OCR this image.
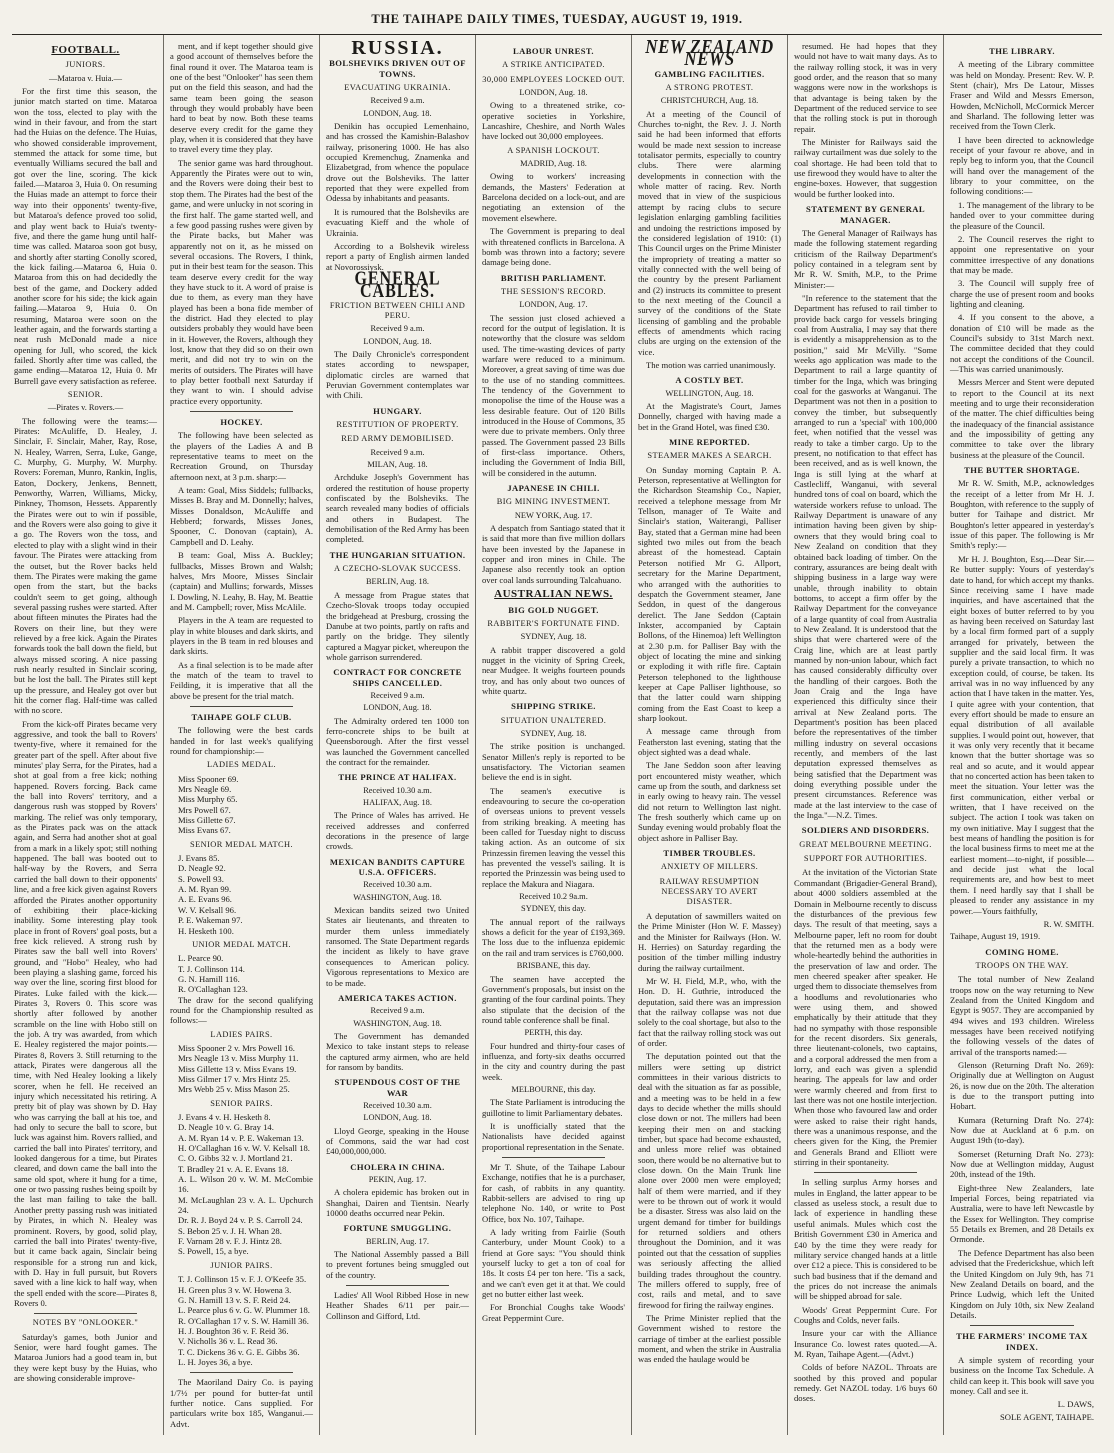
THE TAIHAPE DAILY TIMES, TUESDAY, AUGUST 19, 1919.
FOOTBALL.
JUNIORS.
—Mataroa v. Huia.—

For the first time this season, the junior match started on time. Mataroa won the toss, elected to play with the wind in their favour, and from the start had the Huias on the defence. The Huias, who showed considerable improvement, stemmed the attack for some time, but eventually Williams secured the ball and got over the line, scoring. The kick failed.—Mataroa 3, Huia 0. On resuming the Huias made an attempt to force their way into their opponents' twenty-five, but Mataroa's defence proved too solid, and play went back to Huia's twenty-five, and there the game hung until half-time was called. Mataroa soon got busy, and shortly after starting Conolly scored, the kick failing.—Mataroa 6, Huia 0. Mataroa from this on had decidedly the best of the game, and Dockery added another score for his side; the kick again failing.—Mataroa 9, Huia 0. On resuming, Mataroa were soon on the leather again, and the forwards starting a neat rush McDonald made a nice opening for Jull, who scored, the kick failed. Shortly after time was called, the game ending—Mataroa 12, Huia 0. Mr Burrell gave every satisfaction as referee.

SENIOR.
—Pirates v. Rovers.—

The following were the teams:—Pirates: McAuliffe, D. Healey, J. Sinclair, F. Sinclair, Maher, Ray, Rose, N. Healey, Warren, Serra, Luke, Gange, C. Murphy, G. Murphy, W. Murphy. Rovers: Foreman, Munro, Rankin, Inglis, Eaton, Dockery, Jenkens, Bennett, Penworthy, Warren, Williams, Micky, Pinkney, Thomson, Hessets. Apparently the Pirates were out to win if possible, and the Rovers were also going to give it a go. The Rovers won the toss, and elected to play with a slight wind in their favour. The Pirates were attacking from the outset, but the Rover backs held them. The Pirates were making the game open from the start, but the backs couldn't seem to get going, although several passing rushes were started. After about fifteen minutes the Pirates had the Rovers on their line, but they were relieved by a free kick. Again the Pirates forwards took the ball down the field, but always missed scoring. A nice passing rush nearly resulted in Sinclair scoring, but he lost the ball. The Pirates still kept up the pressure, and Healey got over but hit the corner flag. Half-time was called with no score.

From the kick-off Pirates became very aggressive, and took the ball to Rovers' twenty-five, where it remained for the greater part of the spell. After about five minutes' play Serra, for the Pirates, had a shot at goal from a free kick; nothing happened. Rovers forcing. Back came the ball into Rovers' territory, and a dangerous rush was stopped by Rovers' marking. The relief was only temporary, as the Pirates pack was on the attack again, and Serra had another shot at goal from a mark in a likely spot; still nothing happened. The ball was booted out to half-way by the Rovers, and Serra carried the ball down to their opponents' line, and a free kick given against Rovers afforded the Pirates another opportunity of exhibiting their place-kicking inability. Some interesting play took place in front of Rovers' goal posts, but a free kick relieved. A strong rush by Pirates saw the ball well into Rovers' ground, and "Hobo" Healey, who had been playing a slashing game, forced his way over the line, scoring first blood for Pirates. Luke failed with the kick.—Pirates 3, Rovers 0. This score was shortly after followed by another scramble on the line with Hobo still on the job. A try was awarded, from which E. Healey registered the major points.—Pirates 8, Rovers 3. Still returning to the attack, Pirates were dangerous all the time, with Ned Healey looking a likely scorer, when he fell. He received an injury which necessitated his retiring. A pretty bit of play was shown by D. Hay who was carrying the ball at his toe, and had only to secure the ball to score, but luck was against him. Rovers rallied, and carried the ball into Pirates' territory, and looked dangerous for a time, but Pirates cleared, and down came the ball into the same old spot, where it hung for a time, one or two passing rushes being spoilt by the last man failing to take the ball. Another pretty passing rush was initiated by Pirates, in which N. Healey was prominent. Rovers, by good, solid play, carried the ball into Pirates' twenty-five, but it came back again, Sinclair being responsible for a strong run and kick, with D. Hay in full pursuit, but Rovers saved with a line kick to half way, when the spell ended with the score—Pirates 8, Rovers 0.

NOTES BY "ONLOOKER."

Saturday's games, both Junior and Senior, were hard fought games. The Mataroa Juniors had a good team in, but they were kept busy by the Huias, who are showing considerable improve-

ment, and if kept together should give a good account of themselves before the final round it over. The Mataroa team is one of the best "Onlooker" has seen them put on the field this season, and had the same team been going the season through they would probably have been hard to beat by now. Both these teams deserve every credit for the game they play, when it is considered that they have to travel every time they play.

The senior game was hard throughout. Apparently the Pirates were out to win, and the Rovers were doing their best to stop them. The Pirates had the best of the game, and were unlucky in not scoring in the first half. The game started well, and a few good passing rushes were given by the Pirate backs, but Maher was apparently not on it, as he missed on several occasions. The Rovers, I think, put in their best team for the season. This team deserve every credit for the way they have stuck to it. A word of praise is due to them, as every man they have played has been a bona fide member of the district. Had they elected to play outsiders probably they would have been in it. However, the Rovers, although they lost, know that they did so on their own merit, and did not try to win on the merits of outsiders. The Pirates will have to play better football next Saturday if they want to win. I should advise practice every opportunity.

HOCKEY.

The following have been selected as the players of the Ladies A and B representative teams to meet on the Recreation Ground, on Thursday afternoon next, at 3 p.m. sharp:—

A team: Goal, Miss Siddels; fullbacks, Misses B. Bray and M. Donnelly; halves, Misses Donaldson, McAuliffe and Hebberd; forwards, Misses Jones, Spooner, C. Donovan (captain), A. Campbell and D. Leahy.

B team: Goal, Miss A. Buckley; fullbacks, Misses Brown and Walsh; halves, Mrs Moore, Misses Sinclair (captain) and Mullins; forwards, Misses I. Dowling, N. Leahy, B. Hay, M. Beattie and M. Campbell; rover, Miss McAlile.

Players in the A team are requested to play in white blouses and dark skirts, and players in the B team in red blouses and dark skirts.

As a final selection is to be made after the match of the team to travel to Feilding, it is imperative that all the above be present for the trial match.

TAIHAPE GOLF CLUB.

The following were the best cards handed in for last week's qualifying round for championship:—

LADIES MEDAL.
Miss Spooner 69.
Mrs Neagle 69.
Miss Murphy 65.
Mrs Powell 67.
Miss Gillette 67.
Miss Evans 67.
SENIOR MEDAL MATCH.
J. Evans 85.
D. Neagle 92.
S. Powell 93.
A. M. Ryan 99.
A. E. Evans 96.
W. V. Kelsall 96.
P. E. Wakeman 97.
H. Hesketh 100.
UNIOR MEDAL MATCH.
L. Pearce 90.
T. J. Collinson 114.
G. N. Hamill 116.
R. O'Callaghan 123.

The draw for the second qualifying round for the Championship resulted as follows:—

LADIES PAIRS.
Miss Spooner 2 v. Mrs Powell 16.
Mrs Neagle 13 v. Miss Murphy 11.
Miss Gillette 13 v. Miss Evans 19.
Miss Gilmer 17 v. Mrs Hintz 25.
Mrs Webb 25 v. Miss Mason 25.
SENIOR PAIRS.
J. Evans 4 v. H. Hesketh 8.
D. Neagle 10 v. G. Bray 14.
A. M. Ryan 14 v. P. E. Wakeman 13.
H. O'Callaghan 16 v. W. V. Kelsall 18.
C. O. Gibbs 32 v. J. Mortland 21.
T. Bradley 21 v. A. E. Evans 18.
A. L. Wilson 20 v. W. M. McCombie 16.
M. McLaughlan 23 v. A. L. Upchurch 24.
Dr. R. J. Boyd 24 v. P. S. Carroll 24.
S. Bebon 25 v. J. H. Whan 28.
F. Varnam 28 v. F. J. Hintz 28.
S. Powell, 15, a bye.
JUNIOR PAIRS.
T. J. Collinson 15 v. F. J. O'Keefe 35.
H. Green plus 3 v. W. Howena 3.
G. N. Hamill 13 v. S. F. Reid 24.
L. Pearce plus 6 v. G. W. Plummer 18.
R. O'Callaghan 17 v. S. W. Hamill 36.
H. J. Boughton 36 v. F. Reid 36.
V. Nicholls 36 v. L. Read 36.
T. C. Dickens 36 v. G. E. Gibbs 36.
L. H. Joyes 36, a bye.

The Maoriland Dairy Co. is paying 1/7½ per pound for butter-fat until further notice. Cans supplied. For particulars write box 185, Wanganui.—Advt.

RUSSIA.
BOLSHEVIKS DRIVEN OUT OF TOWNS.
EVACUATING UKRAINIA.
Received 9 a.m.
LONDON, Aug. 18.

Denikin has occupied Lemenhaino, and has crossed the Kamishin-Balashov railway, prisonering 1000. He has also occupied Kremenchug, Znamenka and Elizabetgrad, from whence the populace drove out the Bolsheviks. The latter reported that they were expelled from Odessa by inhabitants and peasants.

It is rumoured that the Bolsheviks are evacuating Kieff and the whole of Ukrainia.

According to a Bolshevik wireless report a party of English airmen landed at Novorossiysk.

GENERAL CABLES.
FRICTION BETWEEN CHILI AND PERU.
Received 9 a.m.
LONDON, Aug. 18.

The Daily Chronicle's correspondent states according to newspaper, diplomatic circles are warned that Peruvian Government contemplates war with Chili.

HUNGARY.
RESTITUTION OF PROPERTY.
RED ARMY DEMOBILISED.
Received 9 a.m.
MILAN, Aug. 18.

Archduke Joseph's Government has ordered the restitution of house property confiscated by the Bolsheviks. The search revealed many bodies of officials and others in Budapest. The demobilisation of the Red Army has been completed.

THE HUNGARIAN SITUATION.
A CZECHO-SLOVAK SUCCESS.
BERLIN, Aug. 18.

A message from Prague states that Czecho-Slovak troops today occupied the bridgehead at Presburg, crossing the Danube at two points, partly on rafts and partly on the bridge. They silently captured a Magyar picket, whereupon the whole garrison surrendered.

CONTRACT FOR CONCRETE SHIPS CANCELLED.
Received 9 a.m.
LONDON, Aug. 18.

The Admiralty ordered ten 1000 ton ferro-concrete ships to be built at Queensborough. After the first vessel was launched the Government cancelled the contract for the remainder.

THE PRINCE AT HALIFAX.
Received 10.30 a.m.
HALIFAX, Aug. 18.

The Prince of Wales has arrived. He received addresses and conferred decorations in the presence of large crowds.

MEXICAN BANDITS CAPTURE U.S.A. OFFICERS.
Received 10.30 a.m.
WASHINGTON, Aug. 18.

Mexican bandits seized two United States air lieutenants, and threaten to murder them unless immediately ransomed. The State Department regards the incident as likely to have grave consequences to American policy. Vigorous representations to Mexico are to be made.

AMERICA TAKES ACTION.
Received 9 a.m.
WASHINGTON, Aug. 18.

The Government has demanded Mexico to take instant steps to release the captured army airmen, who are held for ransom by bandits.

STUPENDOUS COST OF THE WAR
Received 10.30 a.m.
LONDON, Aug. 18.

Lloyd George, speaking in the House of Commons, said the war had cost £40,000,000,000.

CHOLERA IN CHINA.
PEKIN, Aug. 17.

A cholera epidemic has broken out in Shanghai, Dairen and Tientsin. Nearly 10000 deaths occurred near Pekin.

FORTUNE SMUGGLING.
BERLIN, Aug. 17.

The National Assembly passed a Bill to prevent fortunes being smuggled out of the country.

Ladies' All Wool Ribbed Hose in new Heather Shades 6/11 per pair.—Collinson and Gifford, Ltd.

LABOUR UNREST.
A STRIKE ANTICIPATED.
30,000 EMPLOYEES LOCKED OUT.
LONDON, Aug. 18.

Owing to a threatened strike, co-operative societies in Yorkshire, Lancashire, Cheshire, and North Wales have locked out 30,000 employees.

A SPANISH LOCKOUT.
MADRID, Aug. 18.

Owing to workers' increasing demands, the Masters' Federation at Barcelona decided on a lock-out, and are negotiating an extension of the movement elsewhere.

The Government is preparing to deal with threatened conflicts in Barcelona. A bomb was thrown into a factory; severe damage being done.

BRITISH PARLIAMENT.
THE SESSION'S RECORD.
LONDON, Aug. 17.

The session just closed achieved a record for the output of legislation. It is noteworthy that the closure was seldom used. The time-wasting devices of party warfare were reduced to a minimum. Moreover, a great saving of time was due to the use of no standing committees. The tendency of the Government to monopolise the time of the House was a less desirable feature. Out of 120 Bills introduced in the House of Commons, 35 were due to private members. Only three passed. The Government passed 23 Bills of first-class importance. Others, including the Government of India Bill, will be considered in the autumn.

JAPANESE IN CHILI.
BIG MINING INVESTMENT.
NEW YORK, Aug. 17.

A despatch from Santiago stated that it is said that more than five million dollars have been invested by the Japanese in copper and iron mines in Chile. The Japanese also recently took an option over coal lands surrounding Talcahuano.

AUSTRALIAN NEWS.
BIG GOLD NUGGET.
RABBITER'S FORTUNATE FIND.
SYDNEY, Aug. 18.

A rabbit trapper discovered a gold nugget in the vicinity of Spring Creek, near Mudgee. It weighs fourteen pounds troy, and has only about two ounces of white quartz.

SHIPPING STRIKE.
SITUATION UNALTERED.
SYDNEY, Aug. 18.

The strike position is unchanged. Senator Millen's reply is reported to be unsatisfactory. The Victorian seamen believe the end is in sight.

The seamen's executive is endeavouring to secure the co-operation of overseas unions to prevent vessels from striking breaking. A meeting has been called for Tuesday night to discuss taking action. As an outcome of six Prinzessin firemen leaving the vessel this has prevented the vessel's sailing. It is reported the Prinzessin was being used to replace the Makura and Niagara.

Received 10.2 9a.m.
SYDNEY, this day.

The annual report of the railways shows a deficit for the year of £193,369. The loss due to the influenza epidemic on the rail and tram services is £760,000.

BRISBANE, this day.

The seamen have accepted the Government's proposals, but insist on the granting of the four cardinal points. They also stipulate that the decision of the round table conference shall be final.

PERTH, this day.

Four hundred and thirty-four cases of influenza, and forty-six deaths occurred in the city and country during the past week.

MELBOURNE, this day.

The State Parliament is introducing the guillotine to limit Parliamentary debates.

It is unofficially stated that the Nationalists have decided against proportional representation in the Senate.

Mr T. Shute, of the Taihape Labour Exchange, notifies that he is a purchaser, for cash, of rabbits in any quantity. Rabbit-sellers are advised to ring up telephone No. 140, or write to Post Office, box No. 107, Taihape.

A lady writing from Fairlie (South Canterbury, under Mount Cook) to a friend at Gore says: "You should think yourself lucky to get a ton of coal for 18s. It costs £4 per ton here. 'Tis a sack, and we can't even get it at that. We could get no butter either last week.

For Bronchial Coughs take Woods' Great Peppermint Cure.

NEW ZEALAND NEWS
GAMBLING FACILITIES.
A STRONG PROTEST.
CHRISTCHURCH, Aug. 18.

At a meeting of the Council of Churches to-night, the Rev. J. J. North said he had been informed that efforts would be made next session to increase totalisator permits, especially to country clubs. There were alarming developments in connection with the whole matter of racing. Rev. North moved that in view of the suspicious attempt by racing clubs to secure legislation enlarging gambling facilities and undoing the restrictions imposed by the considered legislation of 1910: (1) This Council urges on the Prime Minister the impropriety of treating a matter so vitally connected with the well being of the country by the present Parliament and (2) instructs its committee to present to the next meeting of the Council a survey of the conditions of the State licensing of gambling and the probable effects of amendments which racing clubs are urging on the extension of the vice.

The motion was carried unanimously.

A COSTLY BET.
WELLINGTON, Aug. 18.

At the Magistrate's Court, James Donnelly, charged with having made a bet in the Grand Hotel, was fined £30.

MINE REPORTED.
STEAMER MAKES A SEARCH.

On Sunday morning Captain P. A. Peterson, representative at Wellington for the Richardson Steamship Co., Napier, received a telephone message from Mr Tellson, manager of Te Waite and Sinclair's station, Waiterangi, Palliser Bay, stated that a German mine had been sighted two miles out from the beach abreast of the homestead. Captain Peterson notified Mr G. Allport, secretary for the Marine Department, who arranged with the authorities to despatch the Government steamer, Jane Seddon, in quest of the dangerous derelict. The Jane Seddon (Captain Inkster, accompanied by Captain Bollons, of the Hinemoa) left Wellington at 2.30 p.m. for Palliser Bay with the object of locating the mine and sinking or exploding it with rifle fire. Captain Peterson telephoned to the lighthouse keeper at Cape Palliser lighthouse, so that the latter could warn shipping coming from the East Coast to keep a sharp lookout.

A message came through from Featherston last evening, stating that the object sighted was a dead whale.

The Jane Seddon soon after leaving port encountered misty weather, which came up from the south, and darkness set in early owing to heavy rain. The vessel did not return to Wellington last night. The fresh southerly which came up on Sunday evening would probably float the object ashore in Palliser Bay.

TIMBER TROUBLES.
ANXIETY OF MILLERS.
RAILWAY RESUMPTION NECESSARY TO AVERT DISASTER.

A deputation of sawmillers waited on the Prime Minister (Hon W. F. Massey) and the Minister for Railways (Hon. W. H. Herries) on Saturday regarding the position of the timber milling industry during the railway curtailment.

Mr W. H. Field, M.P., who, with the Hon. D. H. Guthrie, introduced the deputation, said there was an impression that the railway collapse was not due solely to the coal shortage, but also to the fact that the railway rolling stock was out of order.

The deputation pointed out that the millers were setting up district committees in their various districts to deal with the situation as far as possible, and a meeting was to be held in a few days to decide whether the mills should close down or not. The millers had been keeping their men on and stacking timber, but space had become exhausted, and unless more relief was obtained soon, there would be no alternative but to close down. On the Main Trunk line alone over 2000 men were employed; half of them were married, and if they were to be thrown out of work it would be a disaster. Stress was also laid on the urgent demand for timber for buildings for returned soldiers and others throughout the Dominion, and it was pointed out that the cessation of supplies was seriously affecting the allied building trades throughout the country. The millers offered to supply, free of cost, rails and metal, and to save firewood for firing the railway engines.

The Prime Minister replied that the Government wished to restore the carriage of timber at the earliest possible moment, and when the strike in Australia was ended the haulage would be

resumed. He had hopes that they would not have to wait many days. As to the railway rolling stock, it was in very good order, and the reason that so many waggons were now in the workshops is that advantage is being taken by the Department of the reduced service to see that the rolling stock is put in thorough repair.

The Minister for Railways said the railway curtailment was due solely to the coal shortage. He had been told that to use firewood they would have to alter the engine-boxes. However, that suggestion would be further looked into.

STATEMENT BY GENERAL MANAGER.

The General Manager of Railways has made the following statement regarding criticism of the Railway Department's policy contained in a telegram sent by Mr R. W. Smith, M.P., to the Prime Minister:—

"In reference to the statement that the Department has refused to rail timber to provide back cargo for vessels bringing coal from Australia, I may say that there is evidently a misapprehension as to the position," said Mr McVilly. "Some weeks ago application was made to the Department to rail a large quantity of timber for the Inga, which was bringing coal for the gasworks at Wanganui. The Department was not then in a position to convey the timber, but subsequently arranged to run a 'special' with 100,000 feet, when notified that the vessel was ready to take a timber cargo. Up to the present, no notification to that effect has been received, and as is well known, the Inga is still lying at the wharf at Castlecliff, Wanganui, with several hundred tons of coal on board, which the waterside workers refuse to unload. The Railway Department is unaware of any intimation having been given by ship-owners that they would bring coal to New Zealand on condition that they obtained back loading of timber. On the contrary, assurances are being dealt with shipping business in a large way were unable, through inability to obtain bottoms, to accept a firm offer by the Railway Department for the conveyance of a large quantity of coal from Australia to New Zealand. It is understood that the ships that were chartered were of the Craig line, which are at least partly manned by non-union labour, which fact has caused considerably difficulty over the handling of their cargoes. Both the Joan Craig and the Inga have experienced this difficulty since their arrival at New Zealand ports. The Department's position has been placed before the representatives of the timber milling industry on several occasions recently, and members of the last deputation expressed themselves as being satisfied that the Department was doing everything possible under the present circumstances. Reference was made at the last interview to the case of the Inga."—N.Z. Times.

SOLDIERS AND DISORDERS.
GREAT MELBOURNE MEETING.
SUPPORT FOR AUTHORITIES.

At the invitation of the Victorian State Commandant (Brigadier-General Brand), about 4000 soldiers assembled at the Domain in Melbourne recently to discuss the disturbances of the previous few days. The result of that meeting, says a Melbourne paper, left no room for doubt that the returned men as a body were whole-heartedly behind the authorities in the preservation of law and order. The men cheered speaker after speaker. He urged them to dissociate themselves from a hoodlums and revolutionaries who were using them, and showed emphatically by their attitude that they had no sympathy with those responsible for the recent disorders. Six generals, three lieutenant-colonels, two captains, and a corporal addressed the men from a lorry, and each was given a splendid hearing. The appeals for law and order were warmly cheered and from first to last there was not one hostile interjection. When those who favoured law and order were asked to raise their right hands, there was a unanimous response, and the cheers given for the King, the Premier and Generals Brand and Elliott were stirring in their spontaneity.

In selling surplus Army horses and mules in England, the latter appear to be classed as useless stock, a result due to lack of experience in handling these useful animals. Mules which cost the British Government £30 in America and £40 by the time they were ready for military service changed hands at a little over £12 a piece. This is considered to be such bad business that if the demand and the prices do not increase the animals will be shipped abroad for sale.

Woods' Great Peppermint Cure. For Coughs and Colds, never fails.

Insure your car with the Alliance Insurance Co. lowest rates quoted.—A. M. Ryan, Taihape Agent.—(Advt.)

Colds of before NAZOL. Throats are soothed by this proved and popular remedy. Get NAZOL today. 1/6 buys 60 doses.

THE LIBRARY.

A meeting of the Library committee was held on Monday. Present: Rev. W. P. Stent (chair), Mrs De Latour, Misses Fraser and Wild and Messrs Emerson, Howden, McNicholl, McCormick Mercer and Sharland. The following letter was received from the Town Clerk.

I have been directed to acknowledge receipt of your favour re above, and in reply beg to inform you, that the Council will hand over the management of the library to your committee, on the following conditions:—

1. The management of the library to be handed over to your committee during the pleasure of the Council.

2. The Council reserves the right to appoint one representative on your committee irrespective of any donations that may be made.

3. The Council will supply free of charge the use of present room and books lighting and cleaning.

4. If you consent to the above, a donation of £10 will be made as the Council's subsidy to 31st March next. The committee decided that they could not accept the conditions of the Council.—This was carried unanimously.

Messrs Mercer and Stent were deputed to report to the Council at its next meeting and to urge their reconsideration of the matter. The chief difficulties being the inadequacy of the financial assistance and the impossibility of getting any committee to take over the library business at the pleasure of the Council.

THE BUTTER SHORTAGE.

Mr R. W. Smith, M.P., acknowledges the receipt of a letter from Mr H. J. Boughton, with reference to the supply of butter for Taihape and district. Mr Boughton's letter appeared in yesterday's issue of this paper. The following is Mr Smith's reply:—

Mr H. J. Boughton, Esq.—Dear Sir.—Re butter supply: Yours of yesterday's date to hand, for which accept my thanks. Since receiving same I have made inquiries, and have ascertained that the eight boxes of butter referred to by you as having been received on Saturday last by a local firm formed part of a supply arranged for privately, between the supplier and the said local firm. It was purely a private transaction, to which no exception could, of course, be taken. Its arrival was in no way influenced by any action that I have taken in the matter. Yes, I quite agree with your contention, that every effort should be made to ensure an equal distribution of all available supplies. I would point out, however, that it was only very recently that it became known that the butter shortage was so real and so acute, and it would appear that no concerted action has been taken to meet the situation. Your letter was the first communication, either verbal or written, that I have received on the subject. The action I took was taken on my own initiative. May I suggest that the best means of handling the position is for the local business firms to meet me at the earliest moment—to-night, if possible—and decide just what the local requirements are, and how best to meet them. I need hardly say that I shall be pleased to render any assistance in my power.—Yours faithfully,

R. W. SMITH.
Taihape, August 19, 1919.
COMING HOME.
TROOPS ON THE WAY.

The total number of New Zealand troops now on the way returning to New Zealand from the United Kingdom and Egypt is 9057. They are accompanied by 494 wives and 193 children. Wireless messages have been received notifying the following vessels of the dates of arrival of the transports named:—

Glenson (Returning Draft No. 269): Originally due at Wellington on August 26, is now due on the 20th. The alteration is due to the transport putting into Hobart.

Kumara (Returning Draft No. 274): Now due at Auckland at 6 p.m. on August 19th (to-day).

Somerset (Returning Draft No. 273): Now due at Wellington midday, August 20th, instead of the 19th.

Eight-three New Zealanders, late Imperial Forces, being repatriated via Australia, were to have left Newcastle by the Essex for Wellington. They comprise 55 Details ex Bremen, and 28 Details ex Ormonde.

The Defence Department has also been advised that the Frederickshue, which left the United Kingdom on July 9th, has 71 New Zealand Details on board, and the Prince Ludwig, which left the United Kingdom on July 10th, six New Zealand Details.

THE FARMERS' INCOME TAX INDEX.

A simple system of recording your business on the Income Tax Schedule. A child can keep it. This book will save you money. Call and see it.

L. DAWS,
SOLE AGENT, TAIHAPE.
